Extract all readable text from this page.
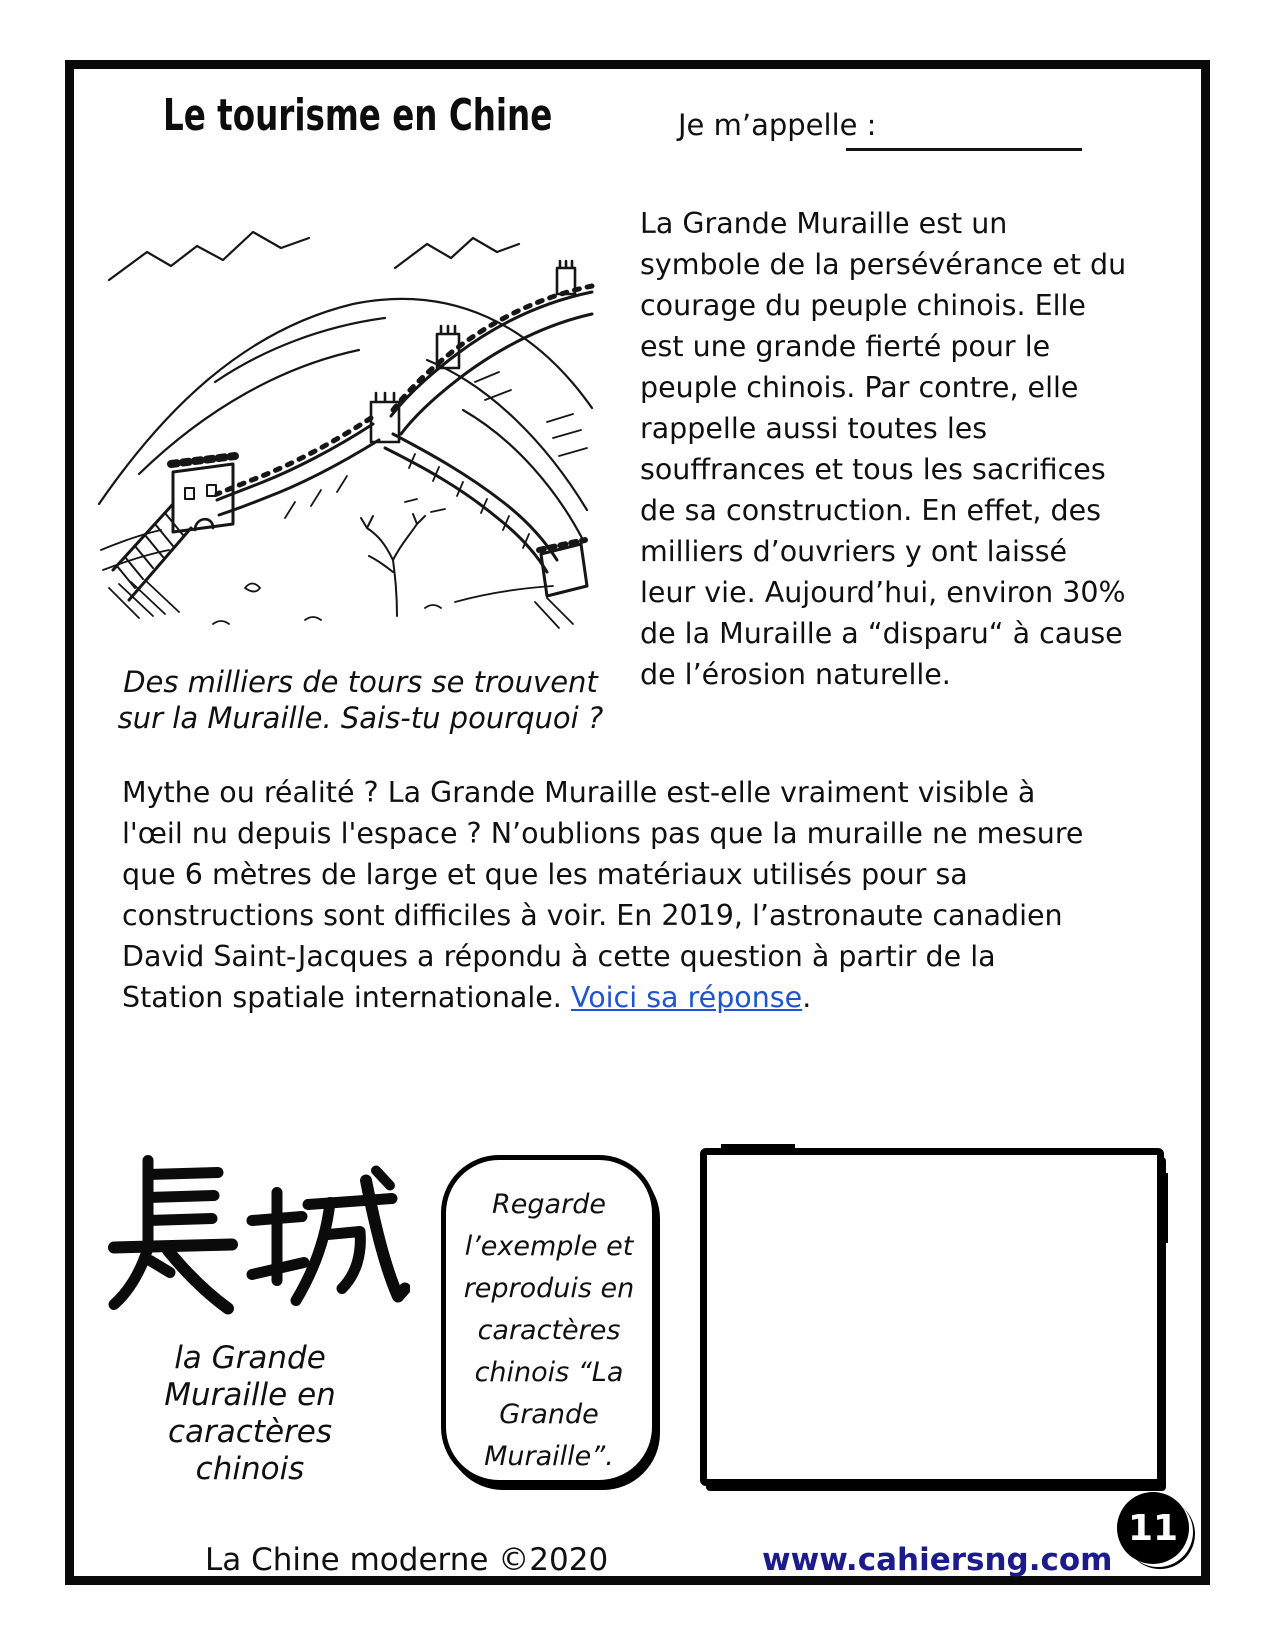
Le tourisme en Chine	Je m’appelle :
Des milliers de tours se trouvent
sur la Muraille. Sais-tu pourquoi ?
La Grande Muraille est un
symbole de la persévérance et du
courage du peuple chinois. Elle
est une grande fierté pour le
peuple chinois. Par contre, elle
rappelle aussi toutes les
souffrances et tous les sacrifices
de sa construction. En effet, des
milliers d’ouvriers y ont laissé
leur vie. Aujourd’hui, environ 30%
de la Muraille a “disparu“ à cause
de l’érosion naturelle.
Mythe ou réalité ? La Grande Muraille est-elle vraiment visible à
l'œil nu depuis l'espace ? N’oublions pas que la muraille ne mesure
que 6 mètres de large et que les matériaux utilisés pour sa
constructions sont difficiles à voir. En 2019, l’astronaute canadien
David Saint-Jacques a répondu à cette question à partir de la
Station spatiale internationale. Voici sa réponse.
la Grande
Muraille en
caractères
chinois
Regarde
l’exemple et
reproduis en
caractères
chinois “La
Grande
Muraille”.
La Chine moderne ©2020	www.cahiersng.com
11
